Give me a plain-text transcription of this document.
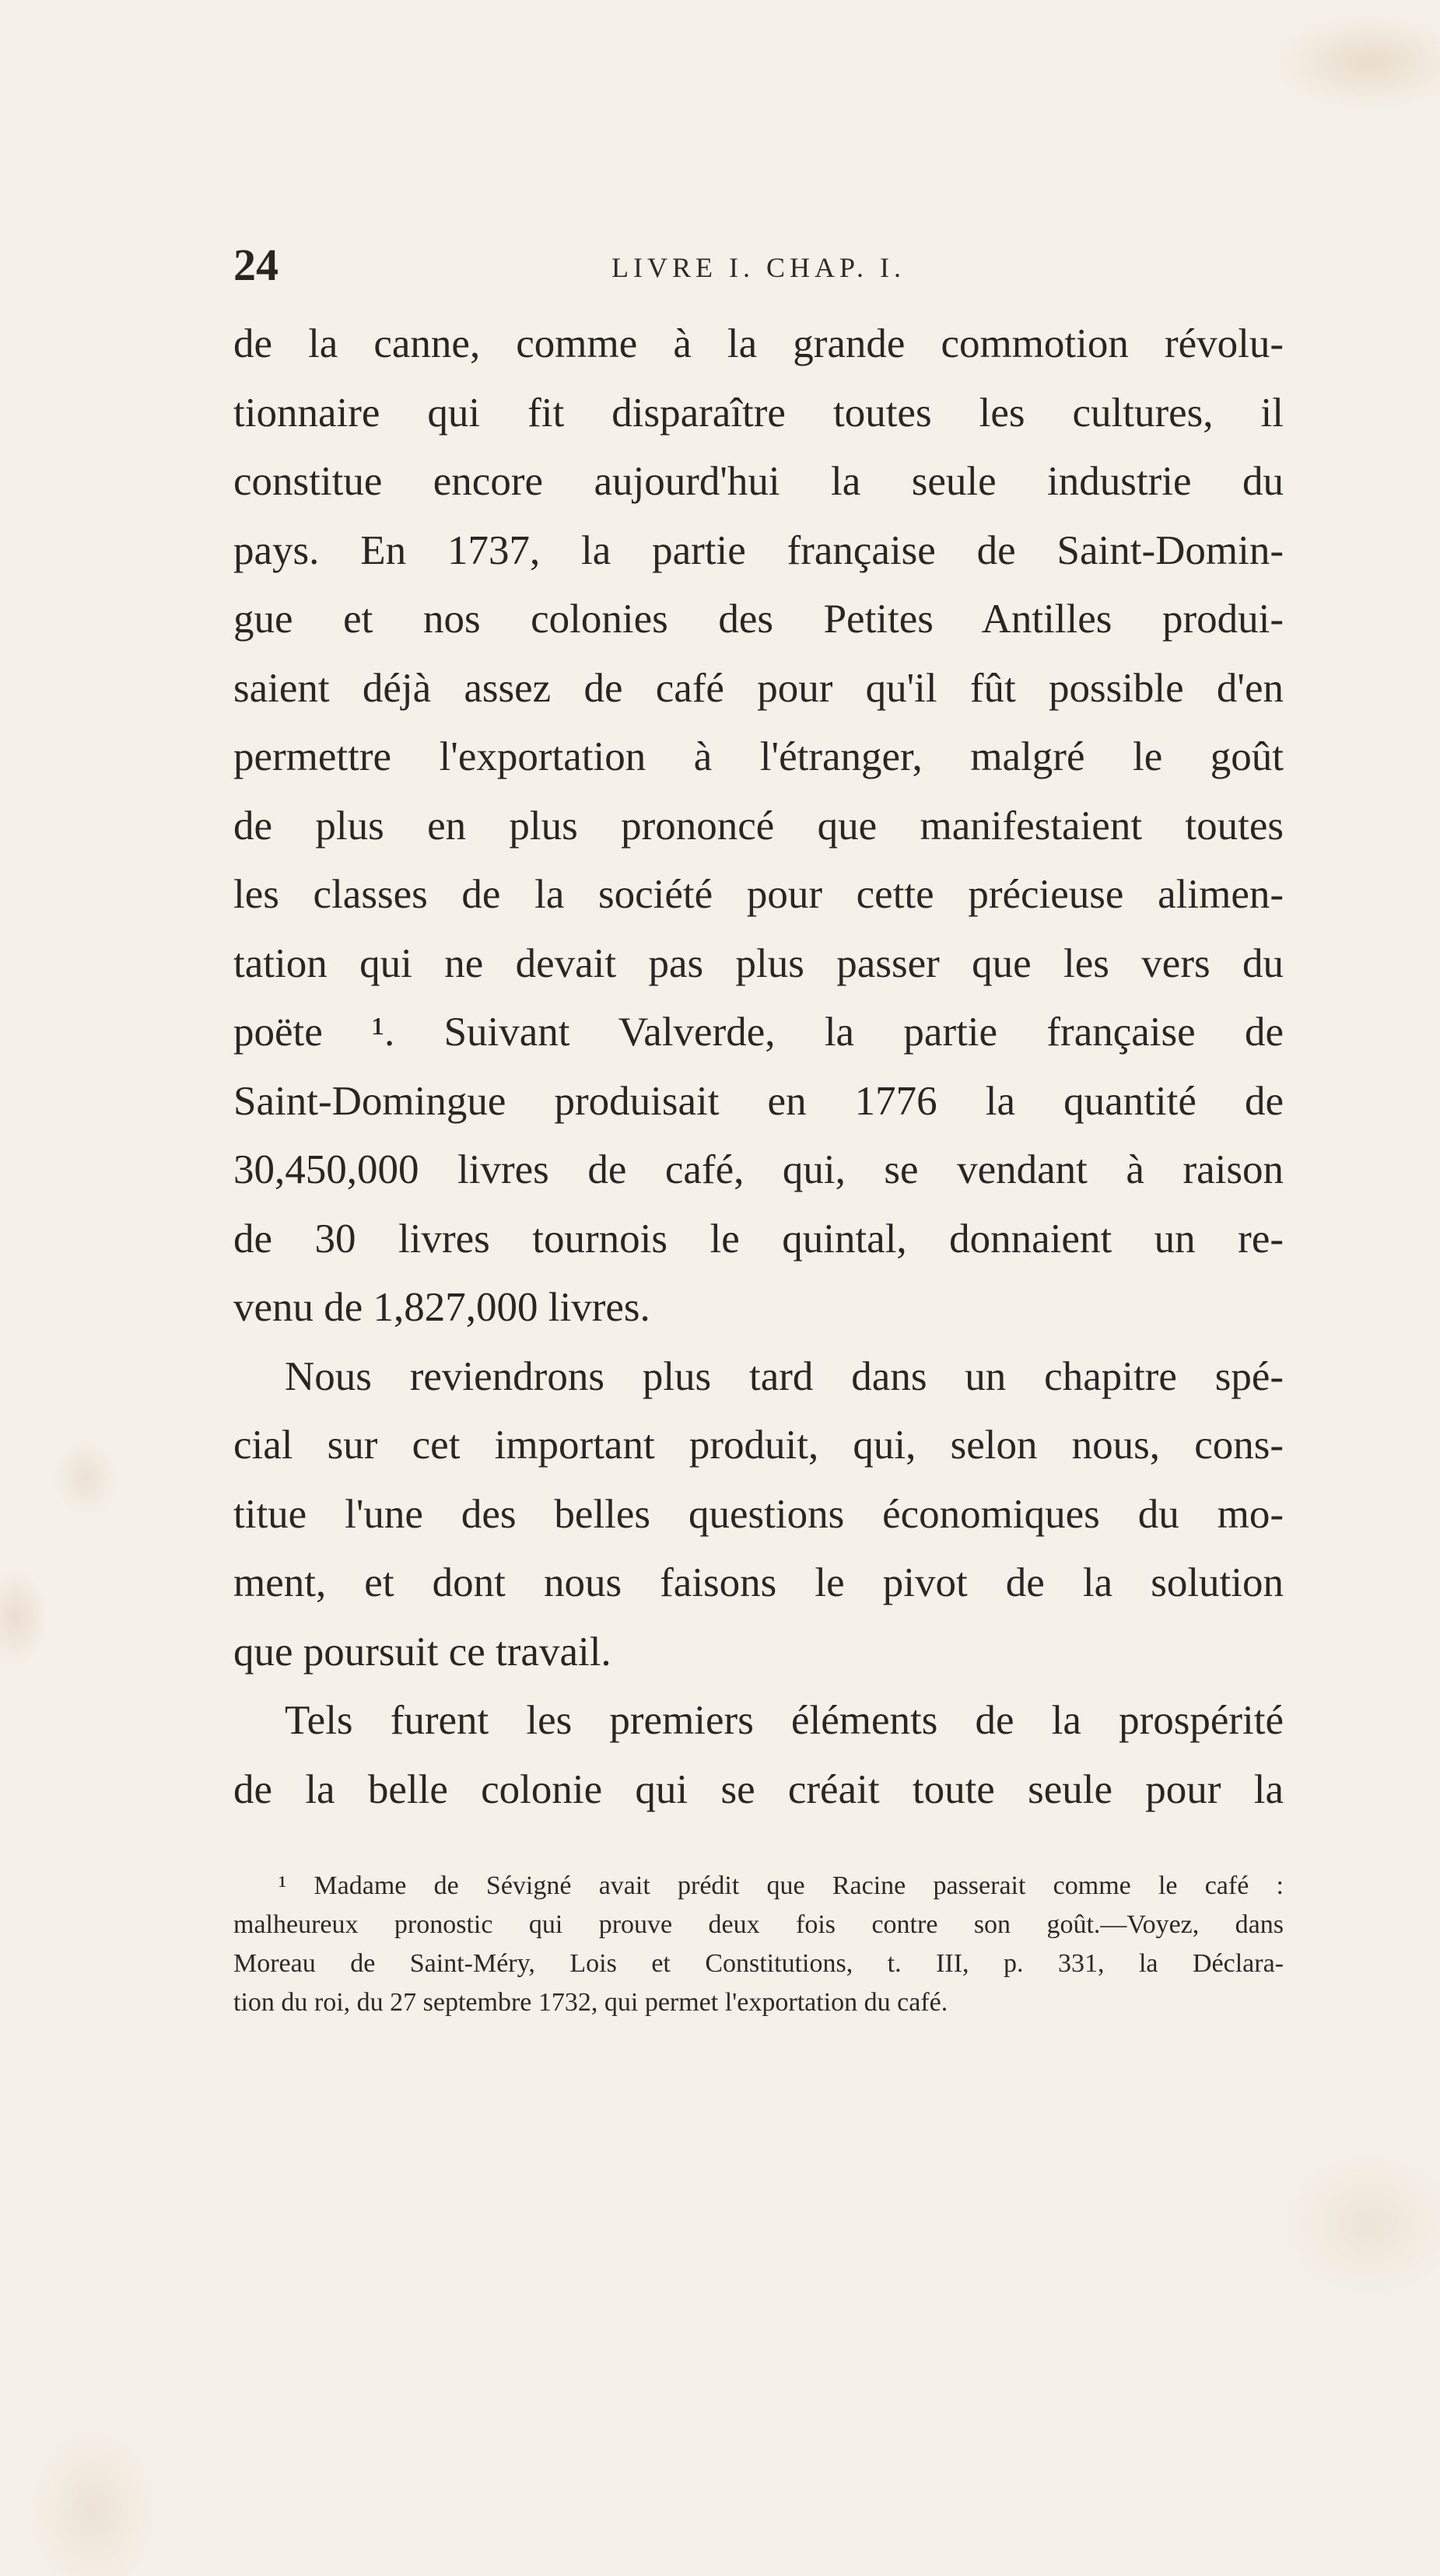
24	LIVRE I. CHAP. I.
de la canne, comme à la grande commotion révolu-
tionnaire qui fit disparaître toutes les cultures, il
constitue encore aujourd'hui la seule industrie du
pays. En 1737, la partie française de Saint-Domin-
gue et nos colonies des Petites Antilles produi-
saient déjà assez de café pour qu'il fût possible d'en
permettre l'exportation à l'étranger, malgré le goût
de plus en plus prononcé que manifestaient toutes
les classes de la société pour cette précieuse alimen-
tation qui ne devait pas plus passer que les vers du
poëte ¹. Suivant Valverde, la partie française de
Saint-Domingue produisait en 1776 la quantité de
30,450,000 livres de café, qui, se vendant à raison
de 30 livres tournois le quintal, donnaient un re-
venu de 1,827,000 livres.
Nous reviendrons plus tard dans un chapitre spé-
cial sur cet important produit, qui, selon nous, cons-
titue l'une des belles questions économiques du mo-
ment, et dont nous faisons le pivot de la solution
que poursuit ce travail.
Tels furent les premiers éléments de la prospérité
de la belle colonie qui se créait toute seule pour la
¹ Madame de Sévigné avait prédit que Racine passerait comme le café :
malheureux pronostic qui prouve deux fois contre son goût.—Voyez, dans
Moreau de Saint-Méry, Lois et Constitutions, t. III, p. 331, la Déclara-
tion du roi, du 27 septembre 1732, qui permet l'exportation du café.
